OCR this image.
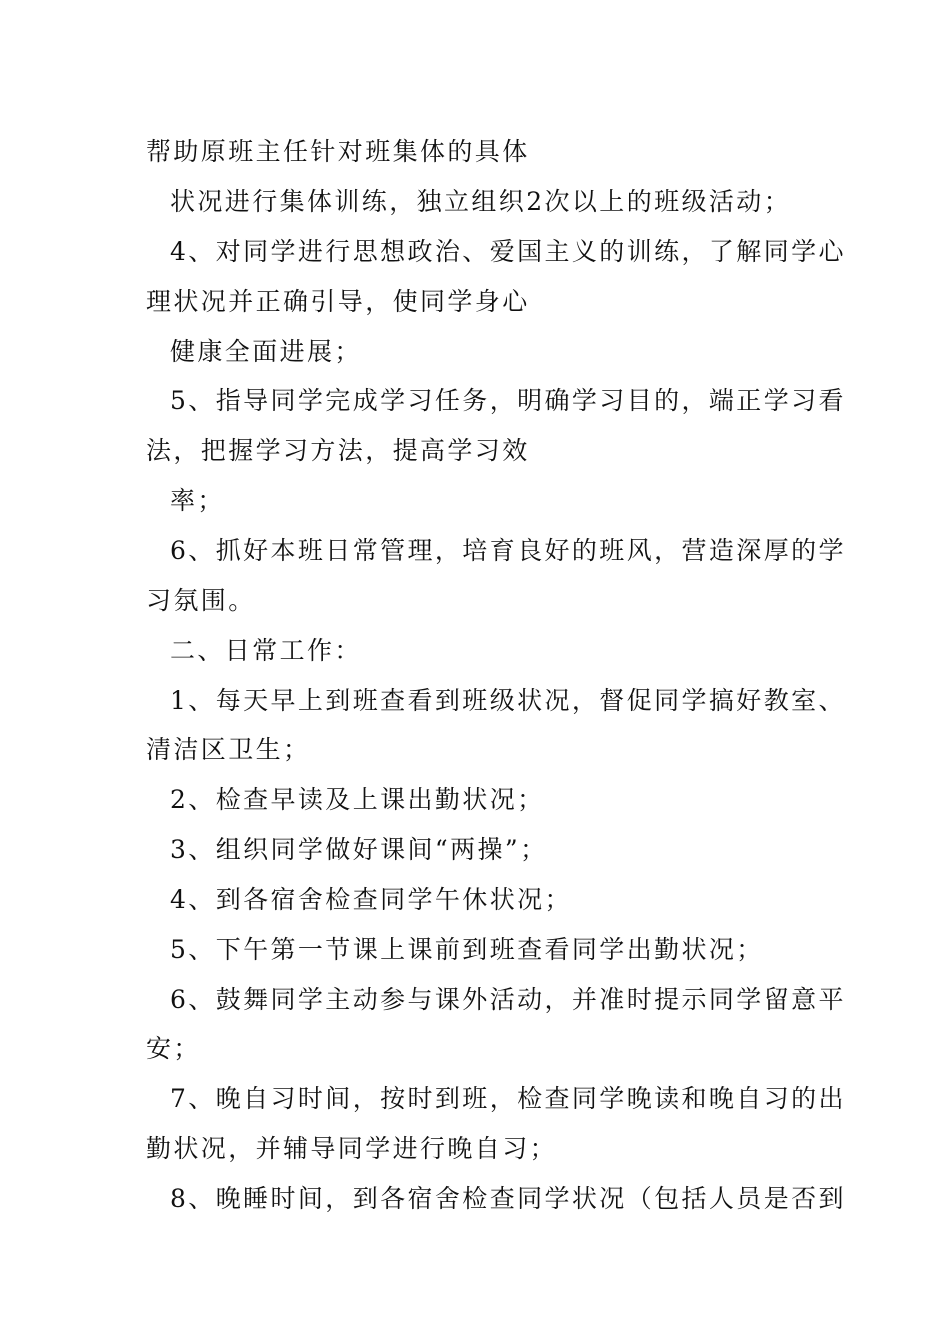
帮助原班主任针对班集体的具体

状况进行集体训练，独立组织2次以上的班级活动；

4、对同学进行思想政治、爱国主义的训练，了解同学心

理状况并正确引导，使同学身心

健康全面进展；

5、指导同学完成学习任务，明确学习目的，端正学习看

法，把握学习方法，提高学习效

率；

6、抓好本班日常管理，培育良好的班风，营造深厚的学

习氛围。

二、日常工作：

1、每天早上到班查看到班级状况，督促同学搞好教室、

清洁区卫生；

2、检查早读及上课出勤状况；

3、组织同学做好课间“两操”；

4、到各宿舍检查同学午休状况；

5、下午第一节课上课前到班查看同学出勤状况；

6、鼓舞同学主动参与课外活动，并准时提示同学留意平

安；

7、晚自习时间，按时到班，检查同学晚读和晚自习的出

勤状况，并辅导同学进行晚自习；

8、晚睡时间，到各宿舍检查同学状况（包括人员是否到
